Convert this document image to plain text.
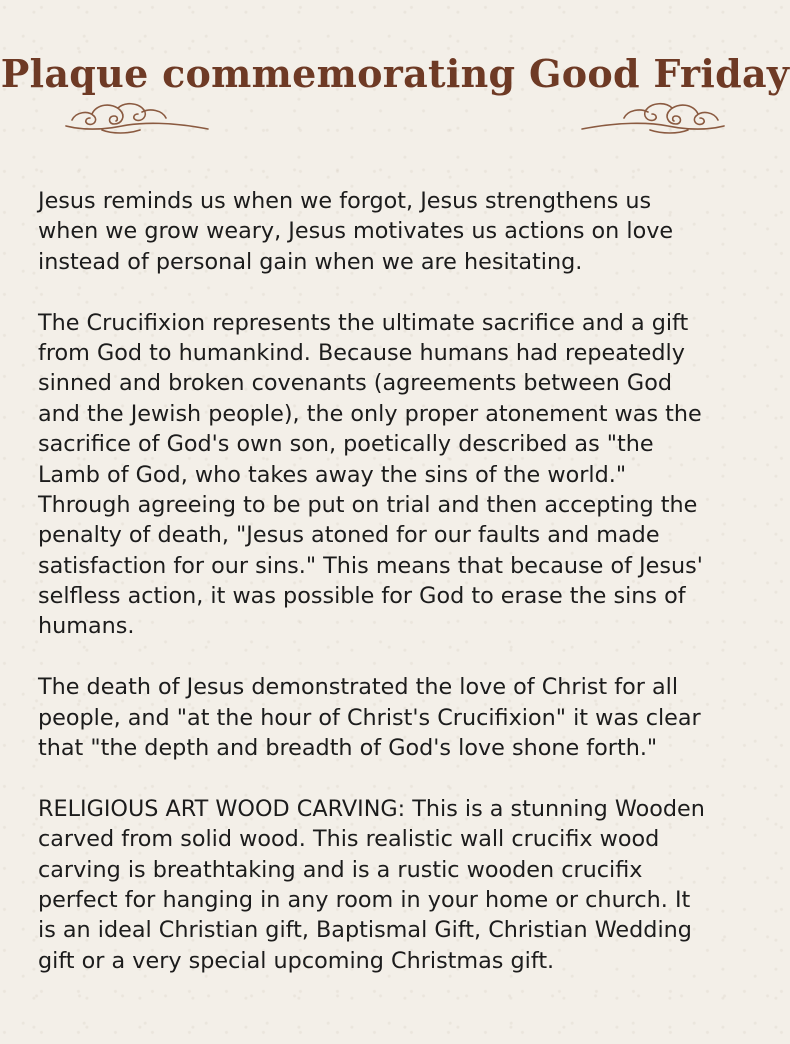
Plaque commemorating Good Friday

Jesus reminds us when we forgot, Jesus strengthens us
when we grow weary, Jesus motivates us actions on love
instead of personal gain when we are hesitating.

The Crucifixion represents the ultimate sacrifice and a gift
from God to humankind. Because humans had repeatedly
sinned and broken covenants (agreements between God
and the Jewish people), the only proper atonement was the
sacrifice of God's own son, poetically described as "the
Lamb of God, who takes away the sins of the world."
Through agreeing to be put on trial and then accepting the
penalty of death, "Jesus atoned for our faults and made
satisfaction for our sins." This means that because of Jesus'
selfless action, it was possible for God to erase the sins of
humans.

The death of Jesus demonstrated the love of Christ for all
people, and "at the hour of Christ's Crucifixion" it was clear
that "the depth and breadth of God's love shone forth."

RELIGIOUS ART WOOD CARVING: This is a stunning Wooden
carved from solid wood. This realistic wall crucifix wood
carving is breathtaking and is a rustic wooden crucifix
perfect for hanging in any room in your home or church. It
is an ideal Christian gift, Baptismal Gift, Christian Wedding
gift or a very special upcoming Christmas gift.
